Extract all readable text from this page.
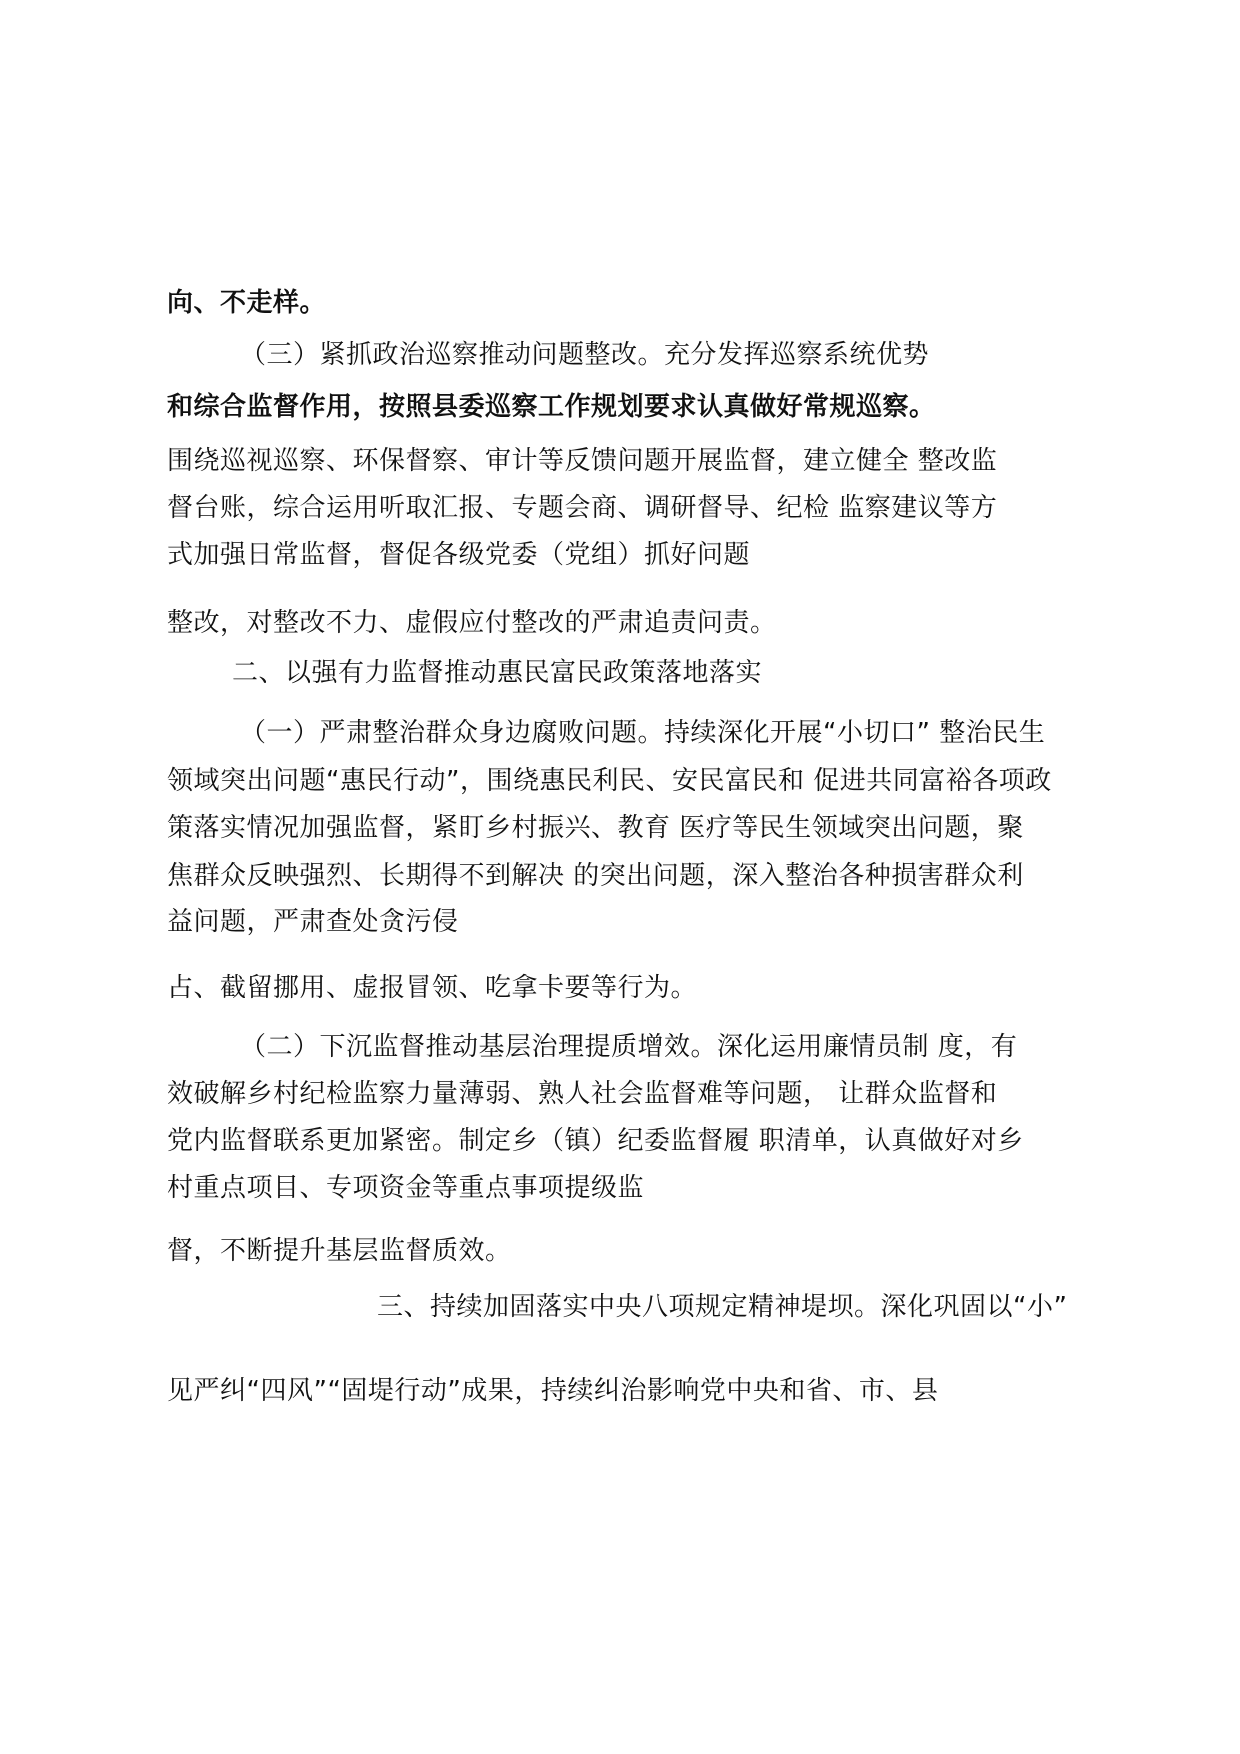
向、不走样。
（三）紧抓政治巡察推动问题整改。充分发挥巡察系统优势
和综合监督作用，按照县委巡察工作规划要求认真做好常规巡察。
围绕巡视巡察、环保督察、审计等反馈问题开展监督，建立健全 整改监
督台账，综合运用听取汇报、专题会商、调研督导、纪检 监察建议等方
式加强日常监督，督促各级党委（党组）抓好问题
整改，对整改不力、虚假应付整改的严肃追责问责。
二、以强有力监督推动惠民富民政策落地落实
（一）严肃整治群众身边腐败问题。持续深化开展“小切口” 整治民生
领域突出问题“惠民行动”，围绕惠民利民、安民富民和 促进共同富裕各项政
策落实情况加强监督，紧盯乡村振兴、教育 医疗等民生领域突出问题，聚
焦群众反映强烈、长期得不到解决 的突出问题，深入整治各种损害群众利
益问题，严肃查处贪污侵
占、截留挪用、虚报冒领、吃拿卡要等行为。
（二）下沉监督推动基层治理提质增效。深化运用廉情员制 度，有
效破解乡村纪检监察力量薄弱、熟人社会监督难等问题， 让群众监督和
党内监督联系更加紧密。制定乡（镇）纪委监督履 职清单，认真做好对乡
村重点项目、专项资金等重点事项提级监
督，不断提升基层监督质效。
三、持续加固落实中央八项规定精神堤坝。深化巩固以“小”
见严纠“四风”“固堤行动”成果，持续纠治影响党中央和省、市、县
